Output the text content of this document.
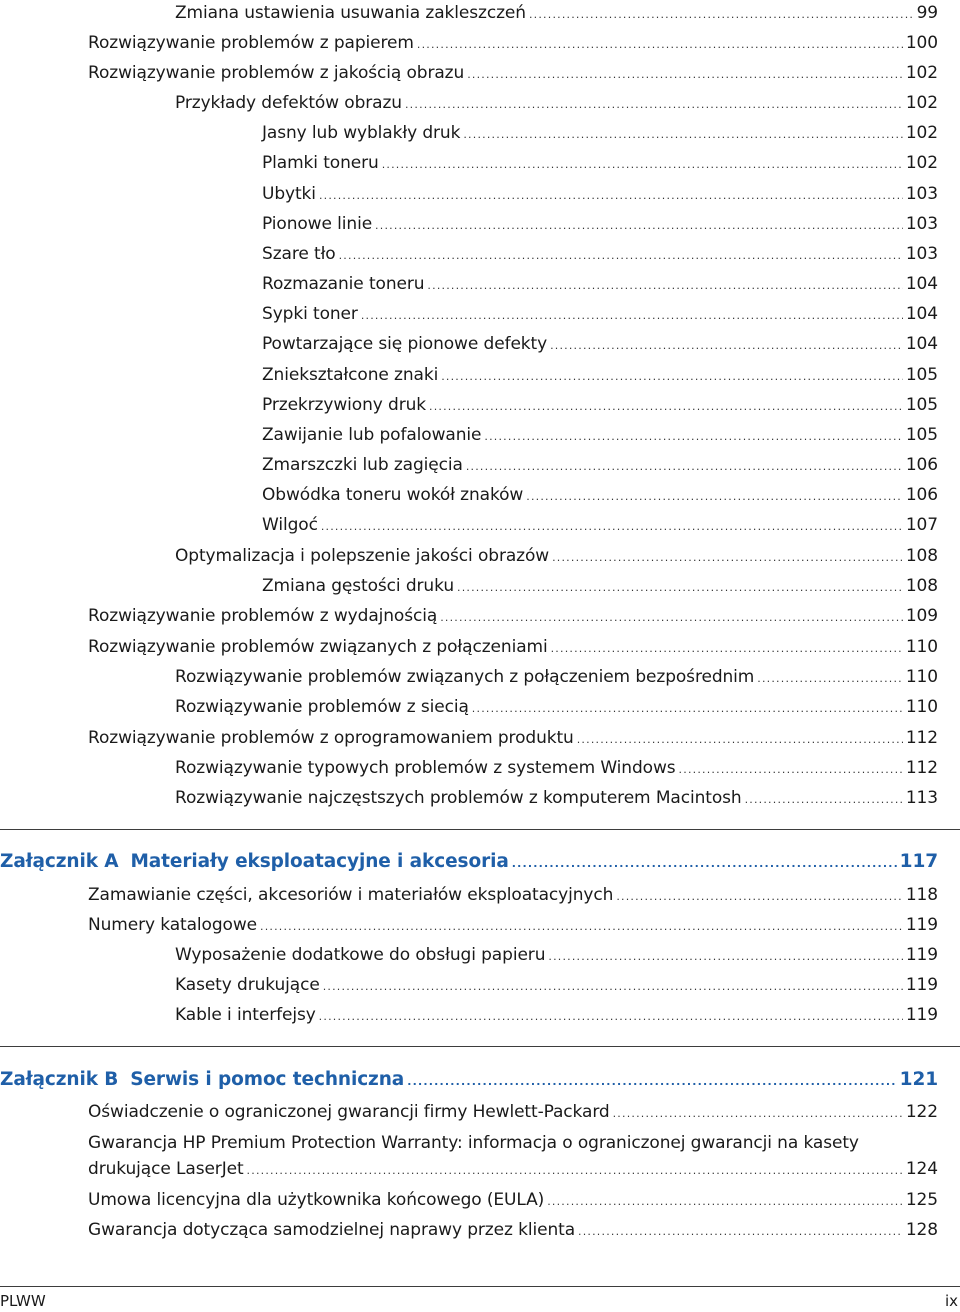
Zmiana ustawienia usuwania zakleszczeń .....	99
Rozwiązywanie problemów z papierem .....	100
Rozwiązywanie problemów z jakością obrazu .....	102
Przykłady defektów obrazu .....	102
Jasny lub wyblakły druk .....	102
Plamki toneru .....	102
Ubytki .....	103
Pionowe linie .....	103
Szare tło .....	103
Rozmazanie toneru .....	104
Sypki toner .....	104
Powtarzające się pionowe defekty .....	104
Zniekształcone znaki .....	105
Przekrzywiony druk .....	105
Zawijanie lub pofalowanie .....	105
Zmarszczki lub zagięcia .....	106
Obwódka toneru wokół znaków .....	106
Wilgoć .....	107
Optymalizacja i polepszenie jakości obrazów .....	108
Zmiana gęstości druku .....	108
Rozwiązywanie problemów z wydajnością .....	109
Rozwiązywanie problemów związanych z połączeniami .....	110
Rozwiązywanie problemów związanych z połączeniem bezpośrednim .....	110
Rozwiązywanie problemów z siecią .....	110
Rozwiązywanie problemów z oprogramowaniem produktu .....	112
Rozwiązywanie typowych problemów z systemem Windows .....	112
Rozwiązywanie najczęstszych problemów z komputerem Macintosh .....	113
Załącznik A Materiały eksploatacyjne i akcesoria .....	117
Zamawianie części, akcesoriów i materiałów eksploatacyjnych .....	118
Numery katalogowe .....	119
Wyposażenie dodatkowe do obsługi papieru .....	119
Kasety drukujące .....	119
Kable i interfejsy .....	119
Załącznik B Serwis i pomoc techniczna .....	121
Oświadczenie o ograniczonej gwarancji firmy Hewlett-Packard .....	122
Gwarancja HP Premium Protection Warranty: informacja o ograniczonej gwarancji na kasety
drukujące LaserJet .....	124
Umowa licencyjna dla użytkownika końcowego (EULA) .....	125
Gwarancja dotycząca samodzielnej naprawy przez klienta .....	128
PLWW	ix
